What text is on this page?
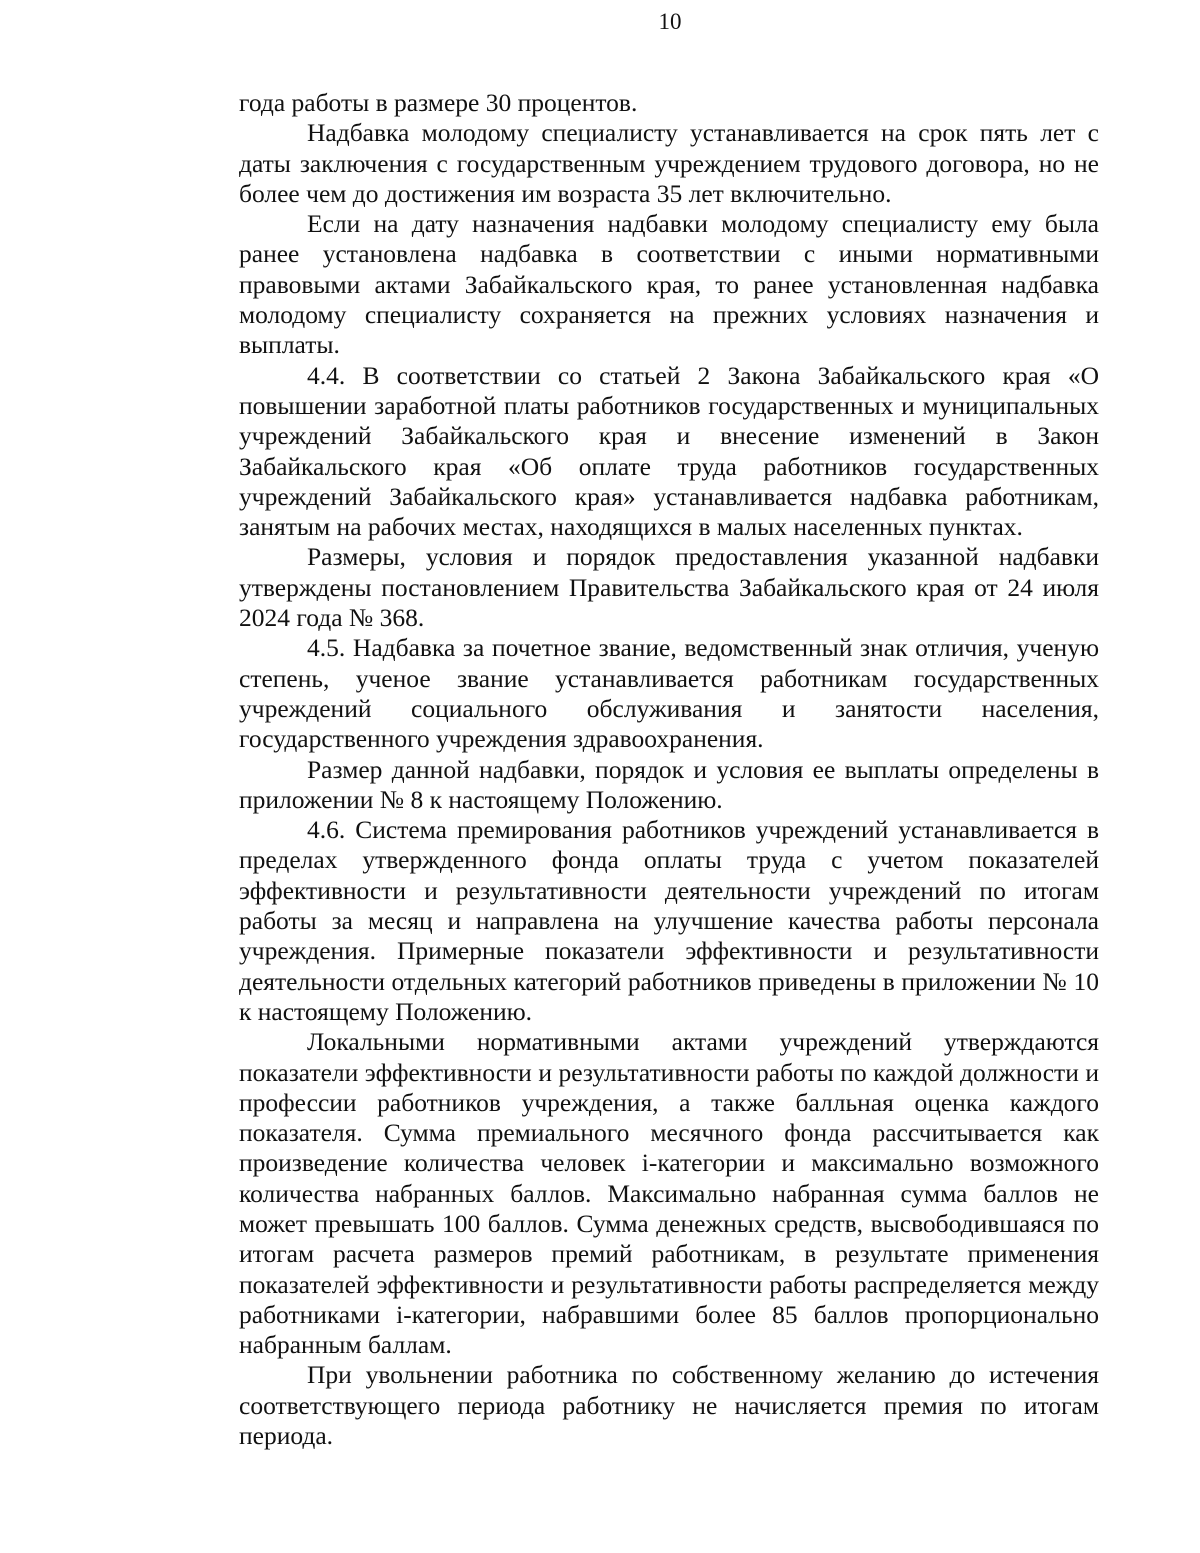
10

года работы в размере 30 процентов.

Надбавка молодому специалисту устанавливается на срок пять лет с даты заключения с государственным учреждением трудового договора, но не более чем до достижения им возраста 35 лет включительно.

Если на дату назначения надбавки молодому специалисту ему была ранее установлена надбавка в соответствии с иными нормативными правовыми актами Забайкальского края, то ранее установленная надбавка молодому специалисту сохраняется на прежних условиях назначения и выплаты.

4.4. В соответствии со статьей 2 Закона Забайкальского края «О повышении заработной платы работников государственных и муниципальных учреждений Забайкальского края и внесение изменений в Закон Забайкальского края «Об оплате труда работников государственных учреждений Забайкальского края» устанавливается надбавка работникам, занятым на рабочих местах, находящихся в малых населенных пунктах.

Размеры, условия и порядок предоставления указанной надбавки утверждены постановлением Правительства Забайкальского края от 24 июля 2024 года № 368.

4.5. Надбавка за почетное звание, ведомственный знак отличия, ученую степень, ученое звание устанавливается работникам государственных учреждений социального обслуживания и занятости населения, государственного учреждения здравоохранения.

Размер данной надбавки, порядок и условия ее выплаты определены в приложении № 8 к настоящему Положению.

4.6. Система премирования работников учреждений устанавливается в пределах утвержденного фонда оплаты труда с учетом показателей эффективности и результативности деятельности учреждений по итогам работы за месяц и направлена на улучшение качества работы персонала учреждения. Примерные показатели эффективности и результативности деятельности отдельных категорий работников приведены в приложении № 10 к настоящему Положению.

Локальными нормативными актами учреждений утверждаются показатели эффективности и результативности работы по каждой должности и профессии работников учреждения, а также балльная оценка каждого показателя. Сумма премиального месячного фонда рассчитывается как произведение количества человек i-категории и максимально возможного количества набранных баллов. Максимально набранная сумма баллов не может превышать 100 баллов. Сумма денежных средств, высвободившаяся по итогам расчета размеров премий работникам, в результате применения показателей эффективности и результативности работы распределяется между работниками i-категории, набравшими более 85 баллов пропорционально набранным баллам.

При увольнении работника по собственному желанию до истечения соответствующего периода работнику не начисляется премия по итогам периода.
